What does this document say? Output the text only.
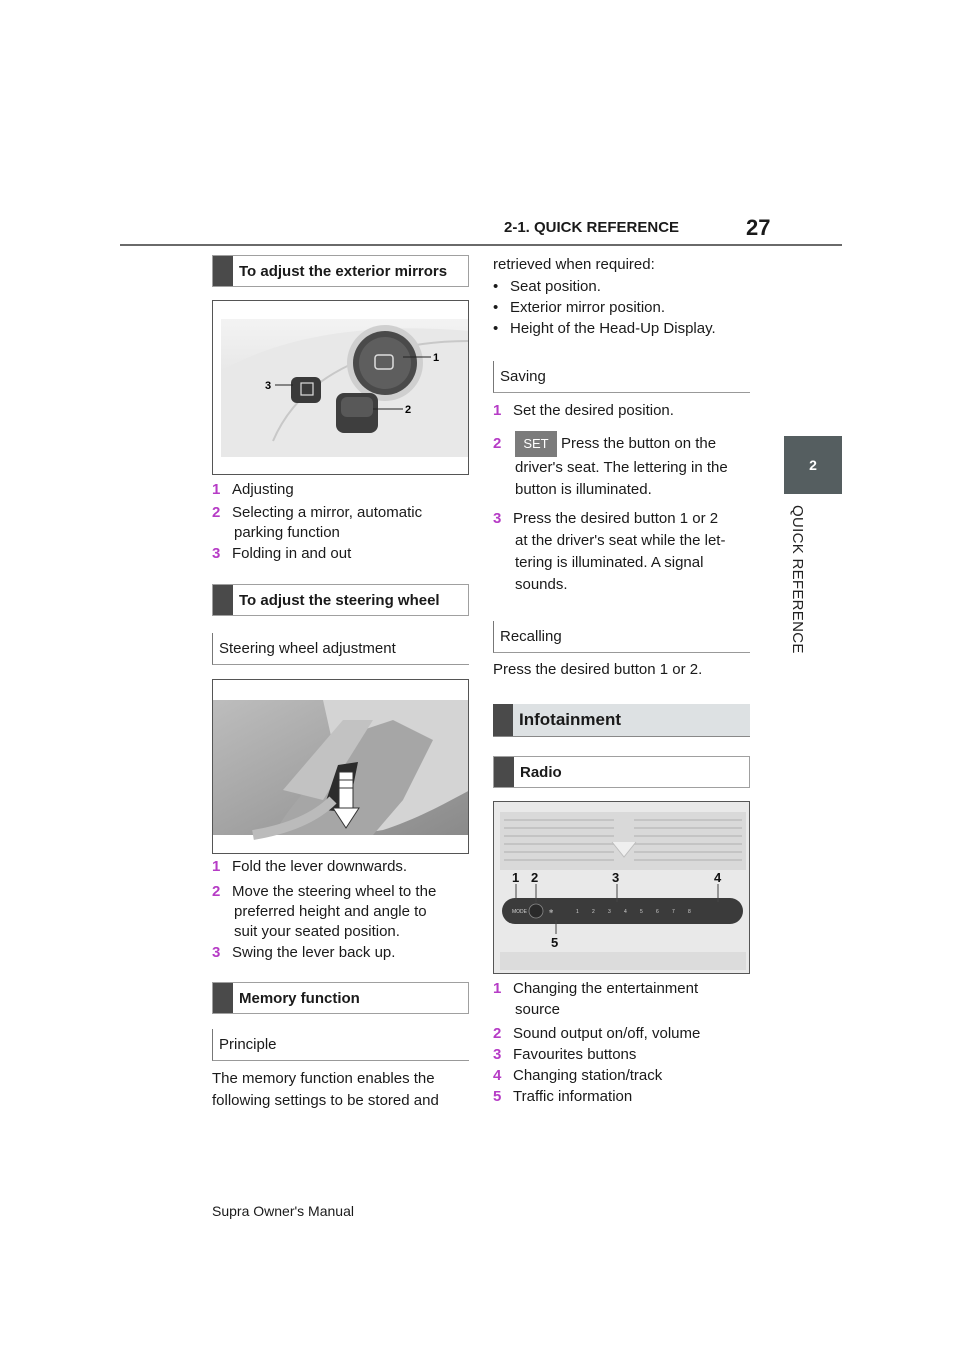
2-1. QUICK REFERENCE	27
2
QUICK REFERENCE
To adjust the exterior mirrors
1
2
3
1 Adjusting
2 Selecting a mirror, automatic
parking function
3 Folding in and out
To adjust the steering wheel
Steering wheel adjustment
1 Fold the lever downwards.
2 Move the steering wheel to the
preferred height and angle to
suit your seated position.
3 Swing the lever back up.
Memory function
Principle
The memory function enables the
following settings to be stored and
retrieved when required:
• Seat position.
• Exterior mirror position.
• Height of the Head-Up Display.
Saving
1 Set the desired position.
2	SET Press the button on the
driver's seat. The lettering in the
button is illuminated.
3 Press the desired button 1 or 2
at the driver's seat while the let-
tering is illuminated. A signal
sounds.
Recalling
Press the desired button 1 or 2.
Infotainment
Radio
MODE	1	2	3	4	5	6	7	8
✻
1 2	3	4
5
1 Changing the entertainment
source
2 Sound output on/off, volume
3 Favourites buttons
4 Changing station/track
5 Traffic information
Supra Owner's Manual
